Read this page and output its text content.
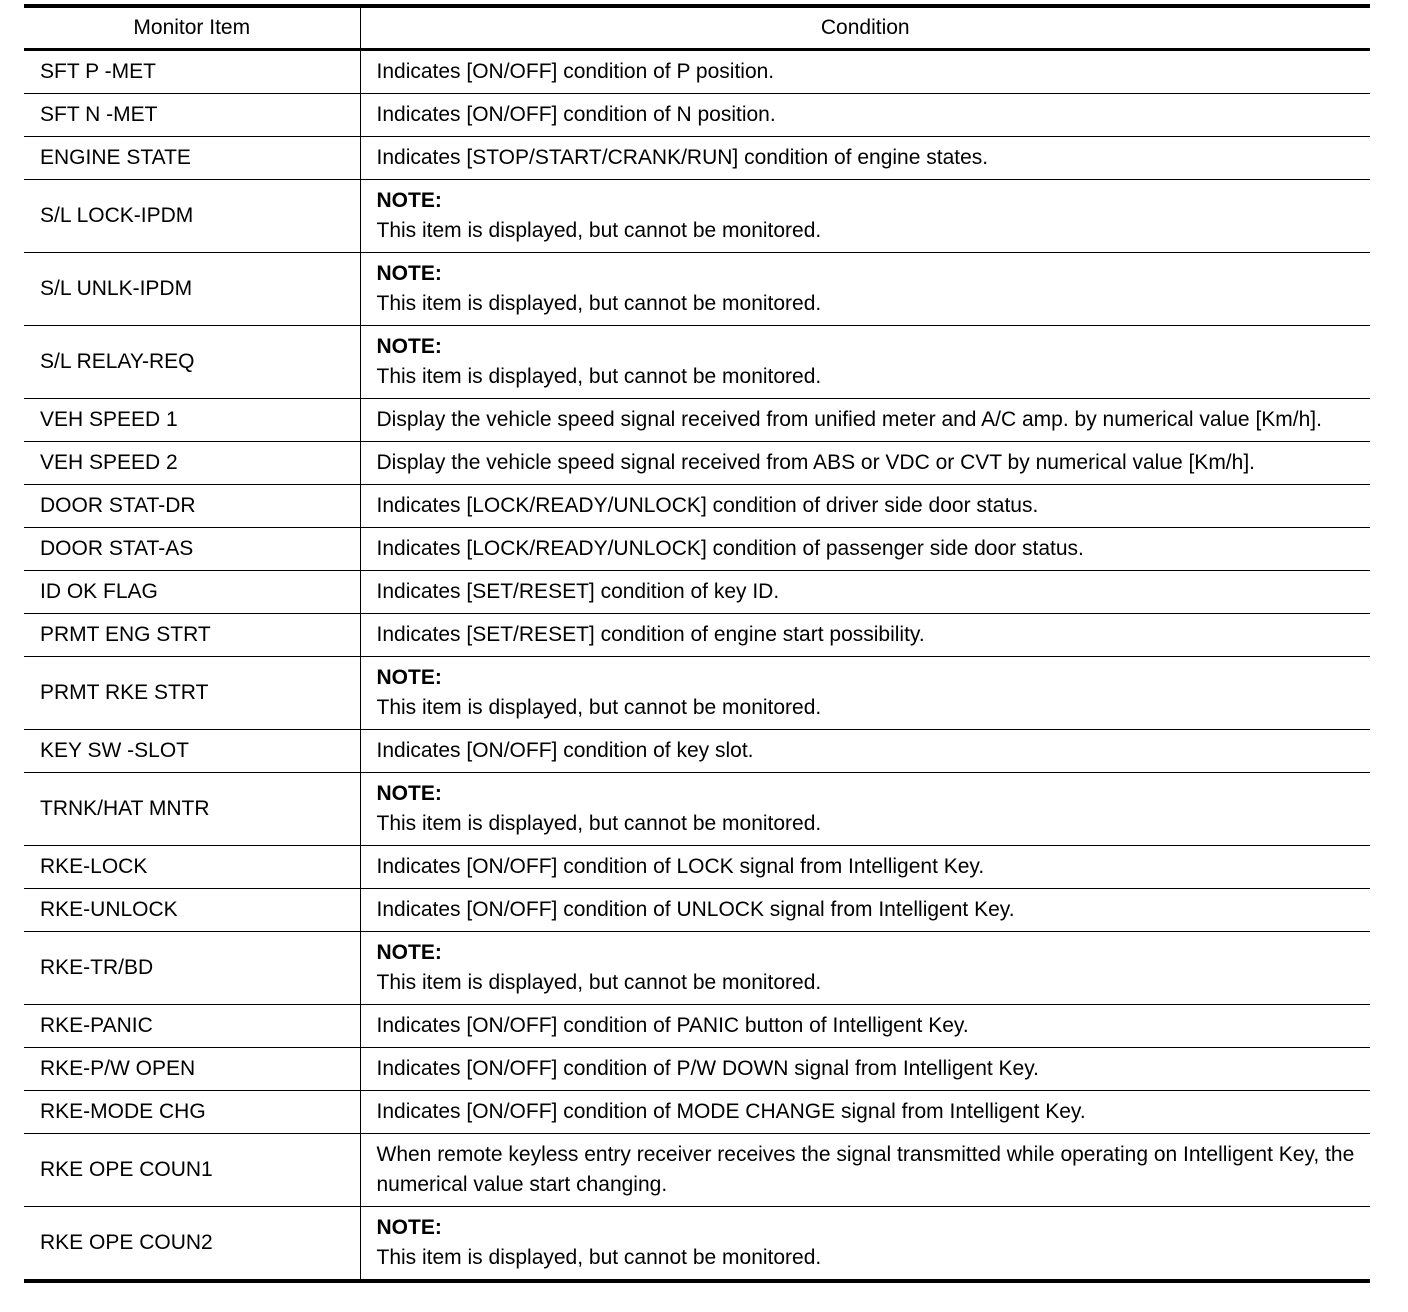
Monitor Item	Condition
SFT P -MET	Indicates [ON/OFF] condition of P position.
SFT N -MET	Indicates [ON/OFF] condition of N position.
ENGINE STATE	Indicates [STOP/START/CRANK/RUN] condition of engine states.
S/L LOCK-IPDM	NOTE:
This item is displayed, but cannot be monitored.

S/L UNLK-IPDM	NOTE:
This item is displayed, but cannot be monitored.

S/L RELAY-REQ	NOTE:
This item is displayed, but cannot be monitored.

VEH SPEED 1	Display the vehicle speed signal received from unified meter and A/C amp. by numerical value [Km/h].
VEH SPEED 2	Display the vehicle speed signal received from ABS or VDC or CVT by numerical value [Km/h].
DOOR STAT-DR	Indicates [LOCK/READY/UNLOCK] condition of driver side door status.
DOOR STAT-AS	Indicates [LOCK/READY/UNLOCK] condition of passenger side door status.
ID OK FLAG	Indicates [SET/RESET] condition of key ID.
PRMT ENG STRT	Indicates [SET/RESET] condition of engine start possibility.
PRMT RKE STRT	NOTE:
This item is displayed, but cannot be monitored.

KEY SW -SLOT	Indicates [ON/OFF] condition of key slot.
TRNK/HAT MNTR	NOTE:
This item is displayed, but cannot be monitored.

RKE-LOCK	Indicates [ON/OFF] condition of LOCK signal from Intelligent Key.
RKE-UNLOCK	Indicates [ON/OFF] condition of UNLOCK signal from Intelligent Key.
RKE-TR/BD	NOTE:
This item is displayed, but cannot be monitored.

RKE-PANIC	Indicates [ON/OFF] condition of PANIC button of Intelligent Key.
RKE-P/W OPEN	Indicates [ON/OFF] condition of P/W DOWN signal from Intelligent Key.
RKE-MODE CHG	Indicates [ON/OFF] condition of MODE CHANGE signal from Intelligent Key.
RKE OPE COUN1	When remote keyless entry receiver receives the signal transmitted while operating on Intelligent Key, the numerical value start changing.
RKE OPE COUN2	NOTE:
This item is displayed, but cannot be monitored.
